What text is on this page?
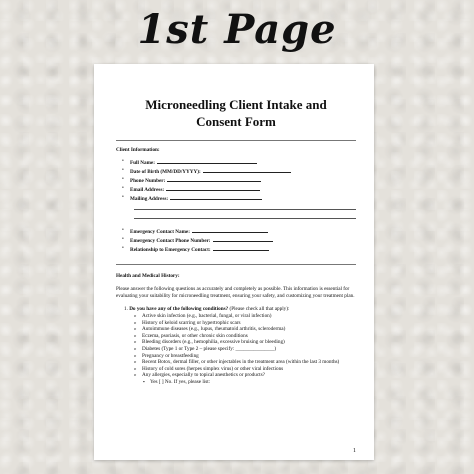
1st Page
Microneedling Client Intake and
Consent Form
Client Information:
• Full Name:
• Date of Birth (MM/DD/YYYY):
• Phone Number:
• Email Address:
• Mailing Address:
• Emergency Contact Name:
• Emergency Contact Phone Number:
• Relationship to Emergency Contact:
Health and Medical History:
Please answer the following questions as accurately and completely as possible. This information is essential for evaluating your suitability for microneedling treatment, ensuring your safety, and customizing your treatment plan.
1. Do you have any of the following conditions? (Please check all that apply):
o Active skin infection (e.g., bacterial, fungal, or viral infection)
o History of keloid scarring or hypertrophic scars
o Autoimmune diseases (e.g., lupus, rheumatoid arthritis, scleroderma)
o Eczema, psoriasis, or other chronic skin conditions
o Bleeding disorders (e.g., hemophilia, excessive bruising or bleeding)
o Diabetes (Type 1 or Type 2 – please specify: _______________)
o Pregnancy or breastfeeding
o Recent Botox, dermal filler, or other injectables in the treatment area (within the last 3 months)
o History of cold sores (herpes simplex virus) or other viral infections
o Any allergies, especially to topical anesthetics or products?
▪ Yes [ ] No. If yes, please list:
1
